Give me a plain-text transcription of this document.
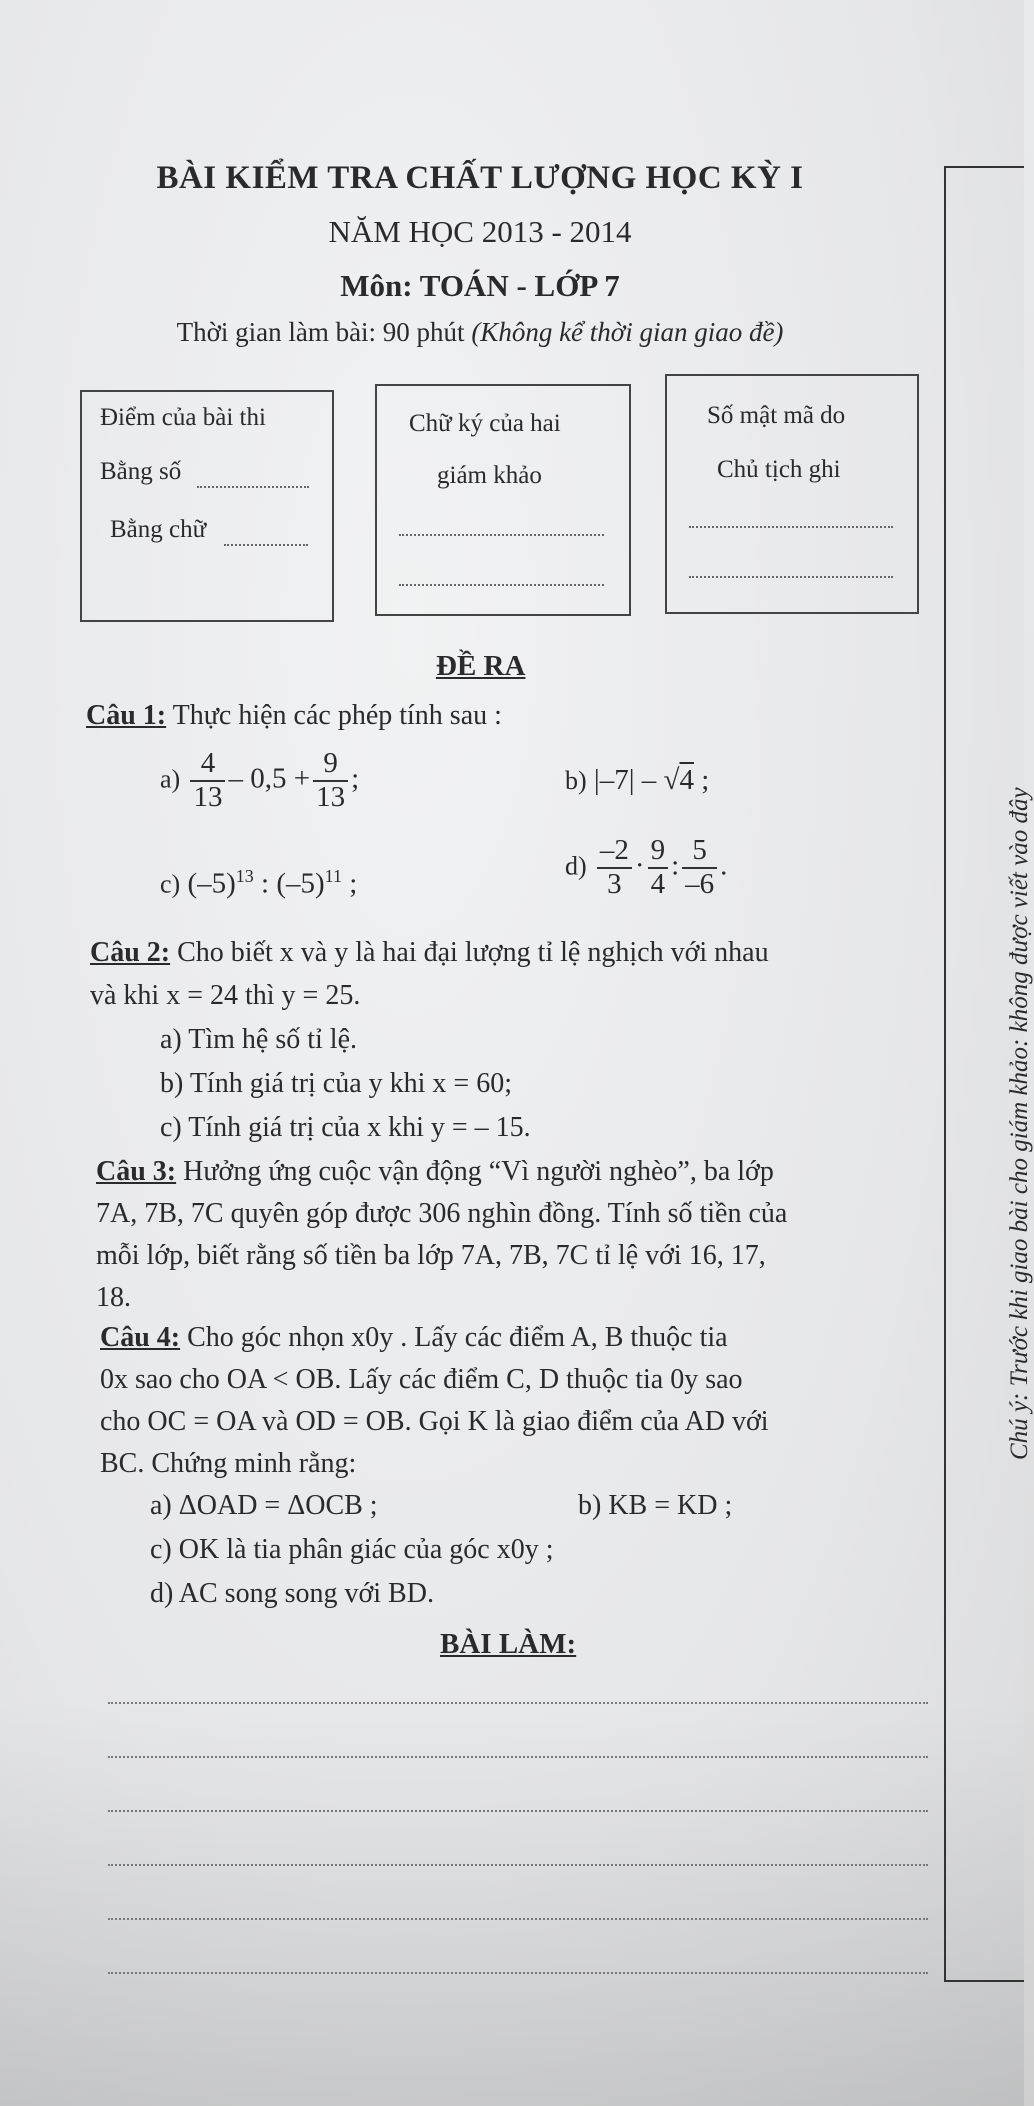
BÀI KIỂM TRA CHẤT LƯỢNG HỌC KỲ I
NĂM HỌC 2013 - 2014
Môn: TOÁN - LỚP 7
Thời gian làm bài: 90 phút (Không kể thời gian giao đề)
Điểm của bài thi
Bằng số
Bằng chữ
Chữ ký của hai
giám khảo
Số mật mã do
Chủ tịch ghi
Chú ý: Trước khi giao bài cho giám khảo: không được viết vào đây
ĐỀ RA
Câu 1: Thực hiện các phép tính sau :
$a) \frac{4}{13} - 0,5 + \frac{9}{13}$ ;	b) |–7| – √4 ;
c) $(-5)^{13}$ : $(-5)^{11}$ ;
$d) \frac{-2}{3} \cdot \frac{9}{4}$ : $\frac{5}{-6}$ .
Câu 2: Cho biết x và y là hai đại lượng tỉ lệ nghịch với nhau
và khi x = 24 thì y = 25.
a) Tìm hệ số tỉ lệ.
b) Tính giá trị của y khi x = 60;
c) Tính giá trị của x khi y = – 15.
Câu 3: Hưởng ứng cuộc vận động “Vì người nghèo”, ba lớp
7A, 7B, 7C quyên góp được 306 nghìn đồng. Tính số tiền của
mỗi lớp, biết rằng số tiền ba lớp 7A, 7B, 7C tỉ lệ với 16, 17,
18.
Câu 4: Cho góc nhọn x0y . Lấy các điểm A, B thuộc tia
0x sao cho OA < OB. Lấy các điểm C, D thuộc tia 0y sao
cho OC = OA và OD = OB. Gọi K là giao điểm của AD với
BC. Chứng minh rằng:
a) ΔOAD = ΔOCB ;	b) KB = KD ;
c) OK là tia phân giác của góc x0y ;
d) AC song song với BD.
BÀI LÀM:
